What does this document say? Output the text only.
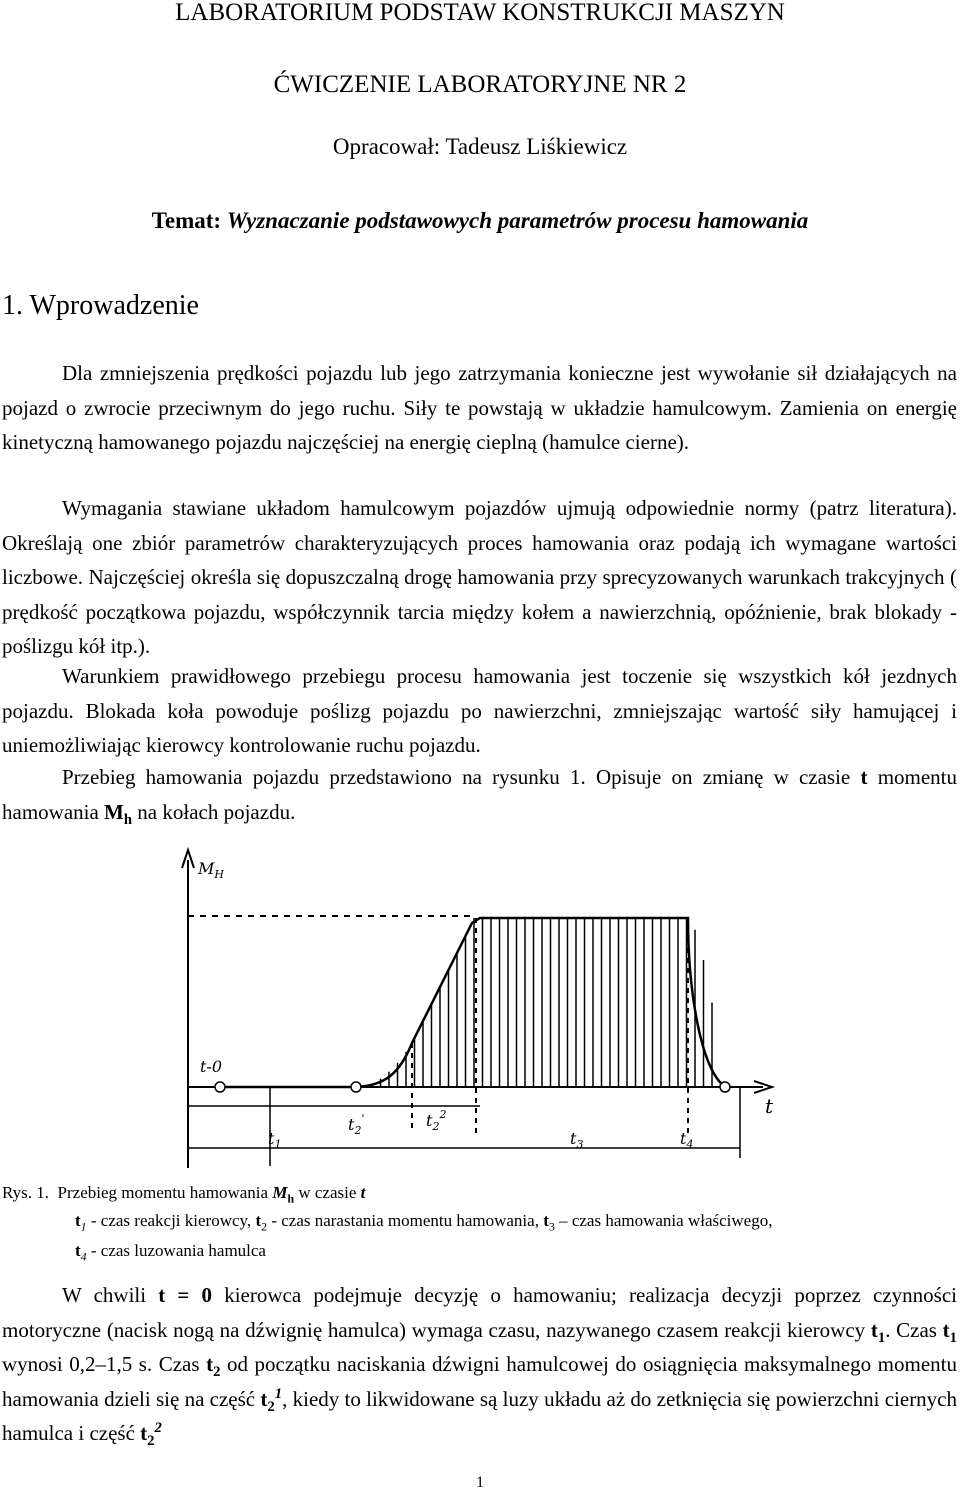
LABORATORIUM PODSTAW KONSTRUKCJI MASZYN
ĆWICZENIE LABORATORYJNE NR 2
Opracował: Tadeusz Liśkiewicz
Temat: Wyznaczanie podstawowych parametrów procesu hamowania
1. Wprowadzenie

Dla zmniejszenia prędkości pojazdu lub jego zatrzymania konieczne jest wywołanie sił działających na pojazd o zwrocie przeciwnym do jego ruchu. Siły te powstają w układzie hamulcowym. Zamienia on energię kinetyczną hamowanego pojazdu najczęściej na energię cieplną (hamulce cierne).

Wymagania stawiane układom hamulcowym pojazdów ujmują odpowiednie normy (patrz literatura). Określają one zbiór parametrów charakteryzujących proces hamowania oraz podają ich wymagane wartości liczbowe. Najczęściej określa się dopuszczalną drogę hamowania przy sprecyzowanych warunkach trakcyjnych ( prędkość początkowa pojazdu, współczynnik tarcia między kołem a nawierzchnią, opóźnienie, brak blokady - poślizgu kół itp.).

Warunkiem prawidłowego przebiegu procesu hamowania jest toczenie się wszystkich kół jezdnych pojazdu. Blokada koła powoduje poślizg pojazdu po nawierzchni, zmniejszając wartość siły hamującej i uniemożliwiając kierowcy kontrolowanie ruchu pojazdu.

Przebieg hamowania pojazdu przedstawiono na rysunku 1. Opisuje on zmianę w czasie t momentu hamowania $M_h$ na kołach pojazdu.

$M_H$
t
t-0
$t_2'$	$t_2^2$
$t_1$	$t_3$	$t_4$
Rys. 1. Przebieg momentu hamowania $M_h$ w czasie t
$t_1$ - czas reakcji kierowcy, $t_2$ - czas narastania momentu hamowania, $t_3$ – czas hamowania właściwego,
$t_4$ - czas luzowania hamulca

W chwili t = 0 kierowca podejmuje decyzję o hamowaniu; realizacja decyzji poprzez czynności motoryczne (nacisk nogą na dźwignię hamulca) wymaga czasu, nazywanego czasem reakcji kierowcy $t_1$. Czas $t_1$ wynosi 0,2–1,5 s. Czas $t_2$ od początku naciskania dźwigni hamulcowej do osiągnięcia maksymalnego momentu hamowania dzieli się na część $t_2^1$, kiedy to likwidowane są luzy układu aż do zetknięcia się powierzchni ciernych hamulca i część $t_2^2$

1
